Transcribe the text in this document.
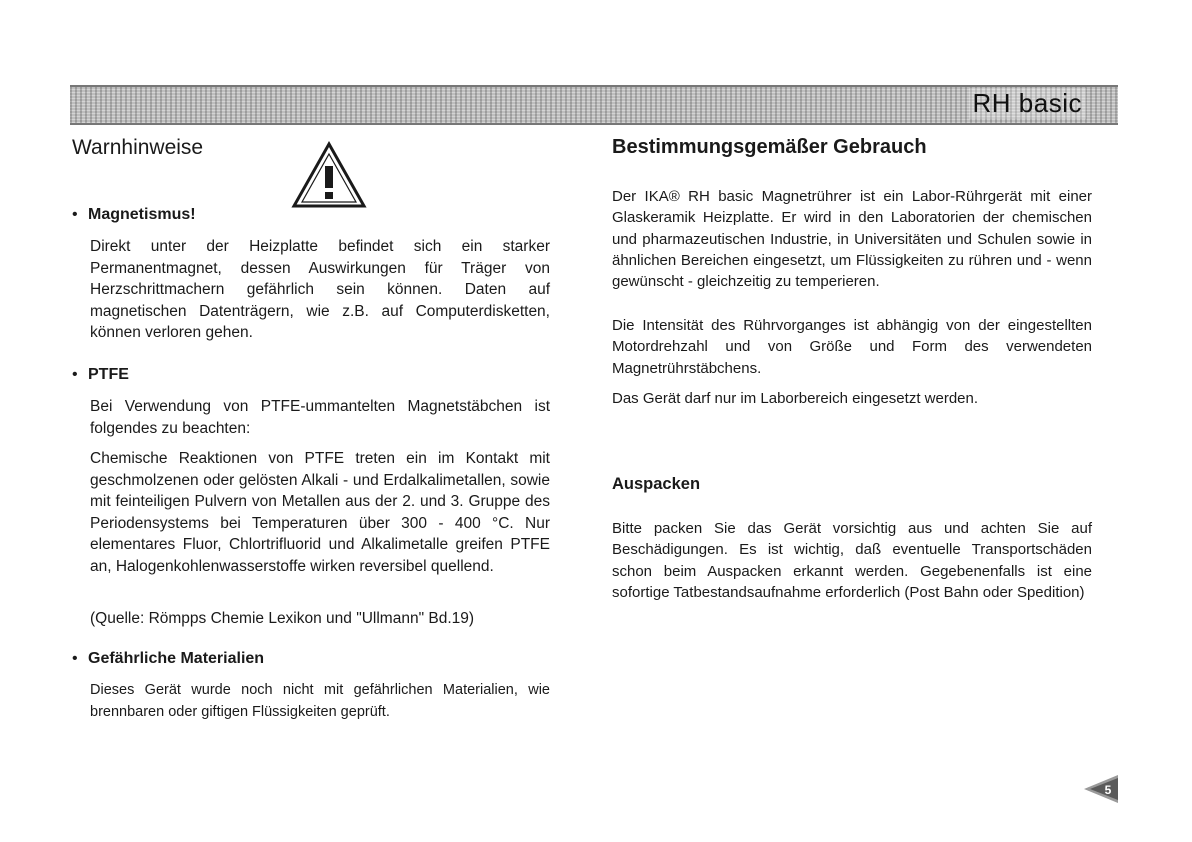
RH basic
Warnhinweise
• Magnetismus!

Direkt unter der Heizplatte befindet sich ein starker Permanentmagnet, dessen Auswirkungen für Träger von Herzschrittmachern gefährlich sein können. Daten auf magnetischen Datenträgern, wie z.B. auf Computerdisketten, können verloren gehen.

• PTFE

Bei Verwendung von PTFE-ummantelten Magnetstäbchen ist folgendes zu beachten:

Chemische Reaktionen von PTFE treten ein im Kontakt mit geschmolzenen oder gelösten Alkali - und Erdalkalimetallen, sowie mit feinteiligen Pulvern von Metallen aus der 2. und 3. Gruppe des Periodensystems bei Temperaturen über 300 - 400 °C. Nur elementares Fluor, Chlortrifluorid und Alkalimetalle greifen PTFE an, Halogenkohlenwasserstoffe wirken reversibel quellend.

(Quelle: Römpps Chemie Lexikon und "Ullmann" Bd.19)

• Gefährliche Materialien

Dieses Gerät wurde noch nicht mit gefährlichen Materialien, wie brennbaren oder giftigen Flüssigkeiten geprüft.

Bestimmungsgemäßer Gebrauch

Der IKA® RH basic Magnetrührer ist ein Labor-Rührgerät mit einer Glaskeramik Heizplatte. Er wird in den Laboratorien der chemischen und pharmazeutischen Industrie, in Universitäten und Schulen sowie in ähnlichen Bereichen eingesetzt, um Flüssigkeiten zu rühren und - wenn gewünscht - gleichzeitig zu temperieren.

Die Intensität des Rührvorganges ist abhängig von der eingestellten Motordrehzahl und von Größe und Form des verwendeten Magnetrührstäbchens.

Das Gerät darf nur im Laborbereich eingesetzt werden.

Auspacken

Bitte packen Sie das Gerät vorsichtig aus und achten Sie auf Beschädigungen. Es ist wichtig, daß eventuelle Transportschäden schon beim Auspacken erkannt werden. Gegebenenfalls ist eine sofortige Tatbestandsaufnahme erforderlich (Post Bahn oder Spedition)

5
